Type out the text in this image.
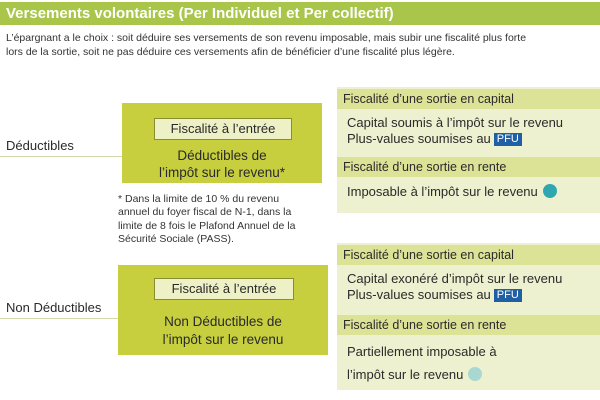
Versements volontaires (Per Individuel et Per collectif)
L’épargnant a le choix : soit déduire ses versements de son revenu imposable, mais subir une fiscalité plus forte
lors de la sortie, soit ne pas déduire ces versements afin de bénéficier d’une fiscalité plus légère.
Déductibles
Fiscalité à l’entrée
Déductibles de
l’impôt sur le revenu*
* Dans la limite de 10 % du revenu
annuel du foyer fiscal de N-1, dans la
limite de 8 fois le Plafond Annuel de la
Sécurité Sociale (PASS).
Fiscalité d’une sortie en capital
Capital soumis à l’impôt sur le revenu
Plus-values soumises au PFU
Fiscalité d’une sortie en rente
Imposable à l’impôt sur le revenu
Non Déductibles
Fiscalité à l’entrée
Non Déductibles de
l’impôt sur le revenu
Fiscalité d’une sortie en capital
Capital exonéré d’impôt sur le revenu
Plus-values soumises au PFU
Fiscalité d’une sortie en rente
Partiellement imposable à
l’impôt sur le revenu
